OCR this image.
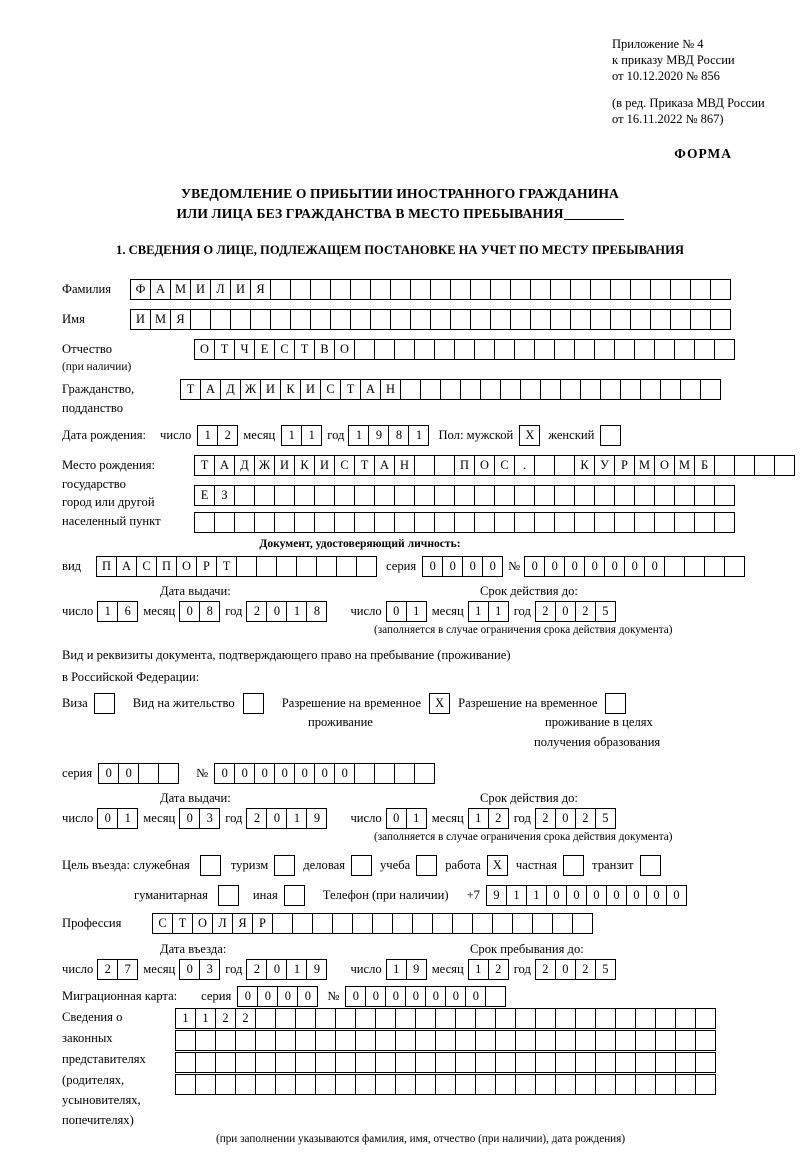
Приложение № 4
к приказу МВД России
от 10.12.2020 № 856
(в ред. Приказа МВД России
от 16.11.2022 № 867)
ФОРМА
УВЕДОМЛЕНИЕ О ПРИБЫТИИ ИНОСТРАННОГО ГРАЖДАНИНА
ИЛИ ЛИЦА БЕЗ ГРАЖДАНСТВА В МЕСТО ПРЕБЫВАНИЯ
1. СВЕДЕНИЯ О ЛИЦЕ, ПОДЛЕЖАЩЕМ ПОСТАНОВКЕ НА УЧЕТ ПО МЕСТУ ПРЕБЫВАНИЯ
Фамилия	Ф А М И Л И Я
Имя	И М Я
Отчество	О Т Ч Е С Т В О
(при наличии)
Гражданство,	Т А Д Ж И К И С Т А Н
подданство
Дата рождения: число	1	2 месяц	1	1 год 1	9	8	1	Пол: мужской X	женский
Место рождения:	Т А Д Ж И К И С Т А Н	П О С	.	К У Р М О М Б
государство
Е	З
город или другой
населенный пункт
Документ, удостоверяющий личность:
вид	П А С П О Р	Т	серия	0	0	0	0 № 0	0	0	0	0	0	0
Дата выдачи:	Срок действия до:
число 1	6 месяц 0	8 год 2	0	1	8	число 0	1 месяц 1	1 год 2	0	2	5
(заполняется в случае ограничения срока действия документа)
Вид и реквизиты документа, подтверждающего право на пребывание (проживание)
в Российской Федерации:
Виза	Вид на жительство	Разрешение на временное	X	Разрешение на временное
проживание	проживание в целях
получения образования
серия	0	0	№	0	0	0	0	0	0	0
Дата выдачи:	Срок действия до:
число 0	1 месяц 0	3 год 2	0	1	9	число 0	1 месяц 1	2 год 2	0	2	5
(заполняется в случае ограничения срока действия документа)
Цель въезда: служебная	туризм	деловая	учеба	работа X	частная	транзит
гуманитарная	иная	Телефон (при наличии) +7	9	1	1	0	0	0	0	0	0	0
Профессия	С Т О Л Я	Р
Дата въезда:	Срок пребывания до:
число 2	7 месяц 0	3 год 2	0	1	9	число 1	9 месяц 1	2 год 2	0	2	5
Миграционная карта: серия	0	0	0	0	№	0	0	0	0	0	0	0
Сведения о
законных
представителях
(родителях,
усыновителях,
попечителях)
1	1	2	2
(при заполнении указываются фамилия, имя, отчество (при наличии), дата рождения)
